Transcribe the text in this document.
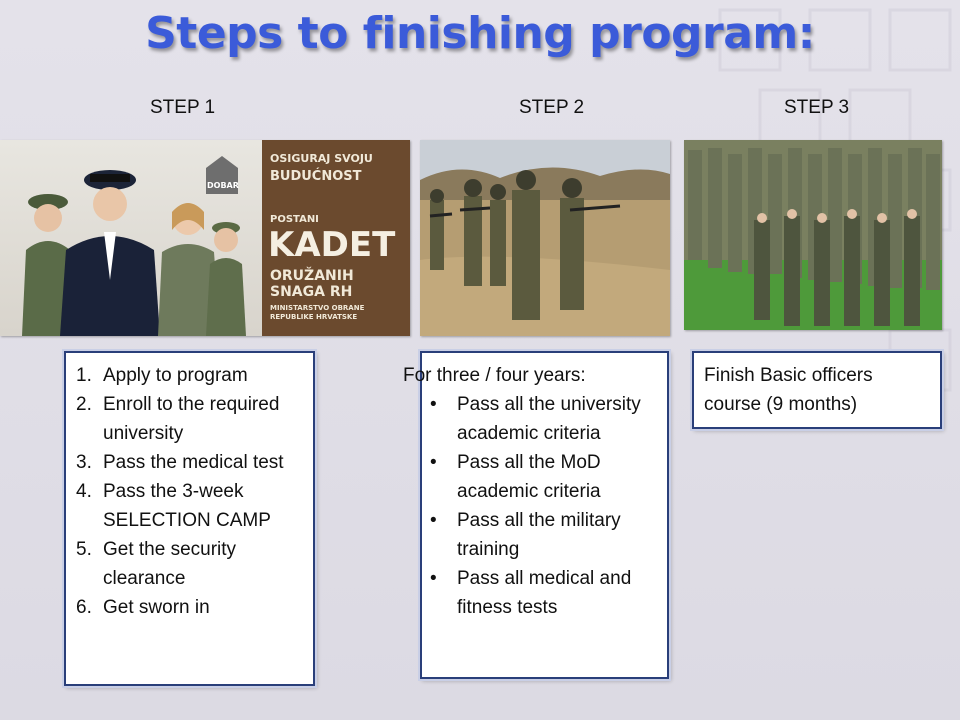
Steps to finishing program:
STEP 1	STEP 2	STEP 3
DOBAR
OSIGURAJ SVOJU
BUDUĆNOST
POSTANI
KADET
ORUŽANIH
SNAGA RH
MINISTARSTVO OBRANE
REPUBLIKE HRVATSKE
1. Apply to program
2. Enroll to the required university
3. Pass the medical test
4. Pass the 3-week SELECTION CAMP
5. Get the security clearance
6. Get sworn in
For three / four years:
• Pass all the university academic criteria
• Pass all the MoD academic criteria
• Pass all the military training
• Pass all medical and fitness tests
Finish Basic officers course (9 months)
